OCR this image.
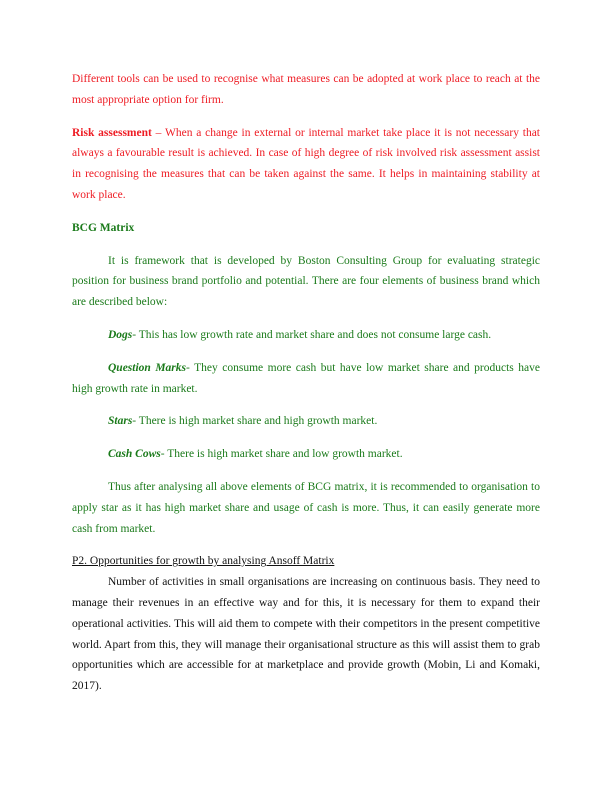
Different tools can be used to recognise what measures can be adopted at work place to reach at the most appropriate option for firm.

Risk assessment – When a change in external or internal market take place it is not necessary that always a favourable result is achieved. In case of high degree of risk involved risk assessment assist in recognising the measures that can be taken against the same. It helps in maintaining stability at work place.

BCG Matrix

It is framework that is developed by Boston Consulting Group for evaluating strategic position for business brand portfolio and potential. There are four elements of business brand which are described below:

Dogs- This has low growth rate and market share and does not consume large cash.

Question Marks- They consume more cash but have low market share and products have high growth rate in market.

Stars- There is high market share and high growth market.

Cash Cows- There is high market share and low growth market.

Thus after analysing all above elements of BCG matrix, it is recommended to organisation to apply star as it has high market share and usage of cash is more. Thus, it can easily generate more cash from market.

P2. Opportunities for growth by analysing Ansoff Matrix

Number of activities in small organisations are increasing on continuous basis. They need to manage their revenues in an effective way and for this, it is necessary for them to expand their operational activities. This will aid them to compete with their competitors in the present competitive world. Apart from this, they will manage their organisational structure as this will assist them to grab opportunities which are accessible for at marketplace and provide growth (Mobin, Li and Komaki, 2017).
